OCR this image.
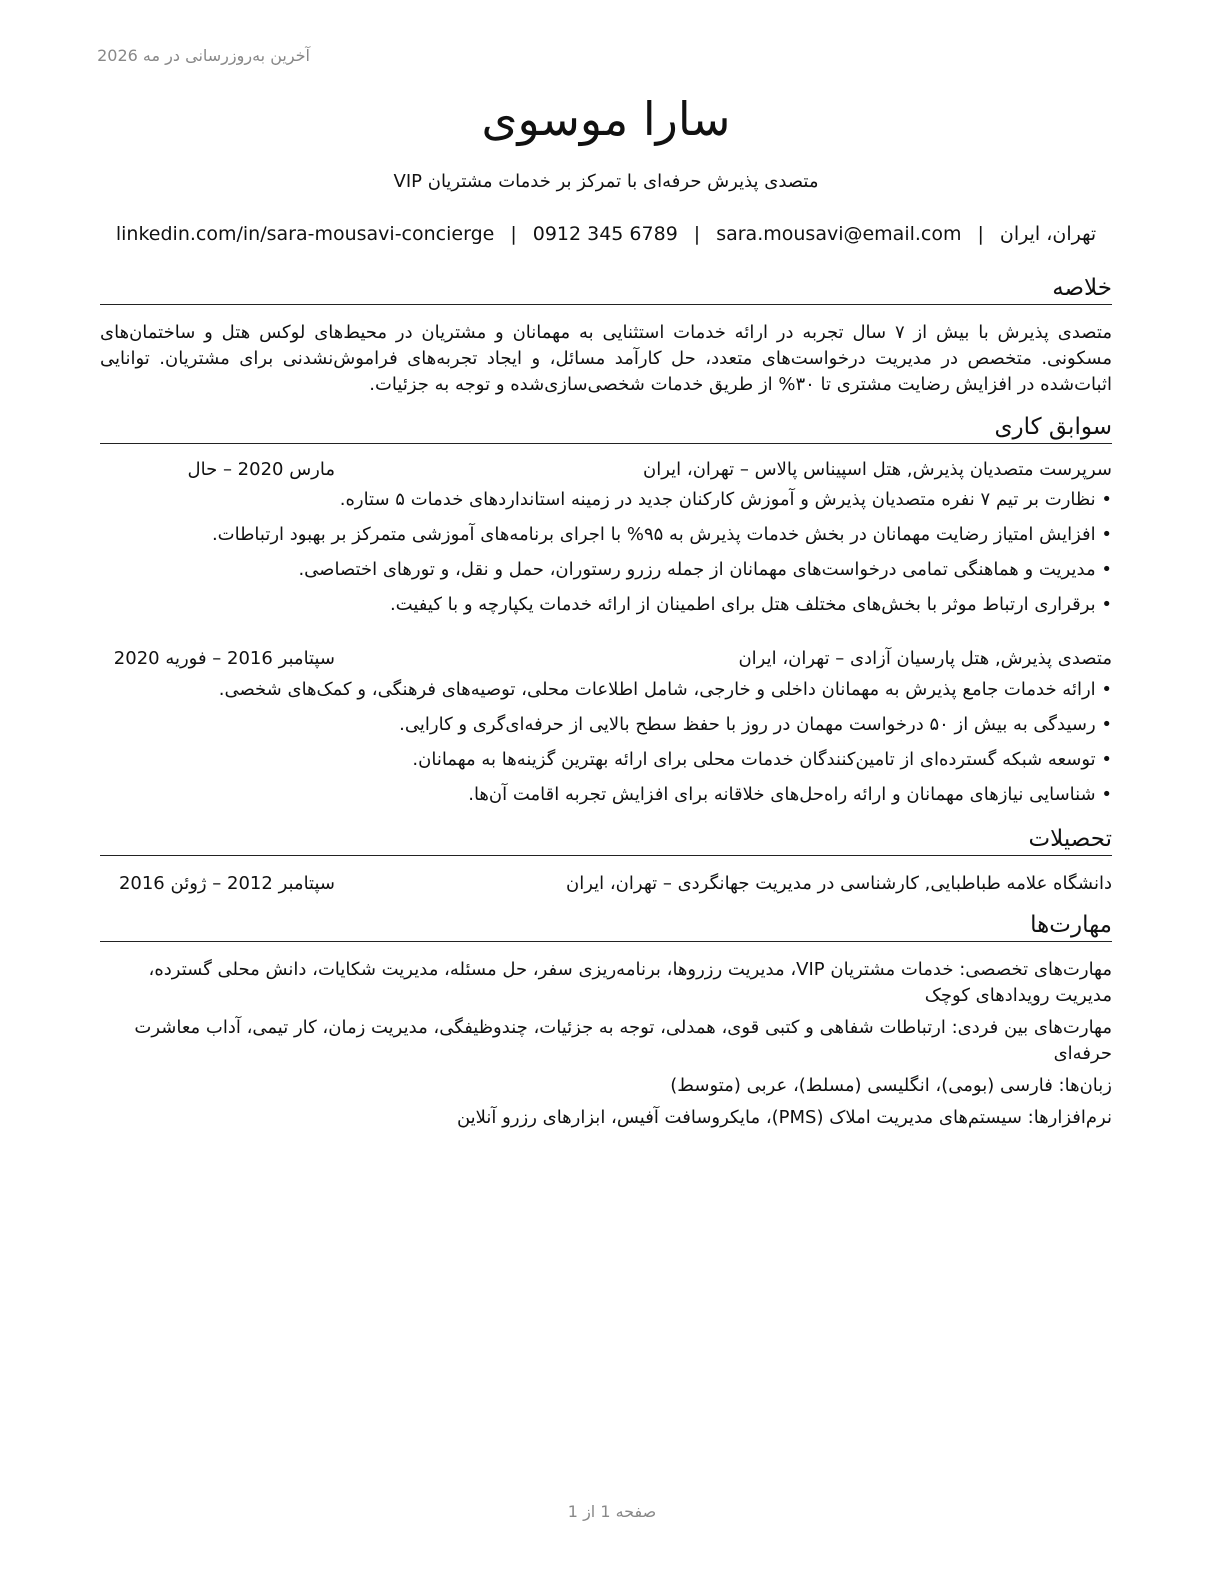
آخرین به‌روزرسانی در مه 2026
سارا موسوی
متصدی پذیرش حرفه‌ای با تمرکز بر خدمات مشتریان VIP
تهران، ایران|sara.mousavi@email.com|0912 345 6789|linkedin.com/in/sara-mousavi-concierge
خلاصه
متصدی پذیرش با بیش از ۷ سال تجربه در ارائه خدمات استثنایی به مهمانان و مشتریان در محیط‌های لوکس هتل و ساختمان‌های مسکونی. متخصص در مدیریت درخواست‌های متعدد، حل کارآمد مسائل، و ایجاد تجربه‌های فراموش‌نشدنی برای مشتریان. توانایی اثبات‌شده در افزایش رضایت مشتری تا ۳۰% از طریق خدمات شخصی‌سازی‌شده و توجه به جزئیات.
سوابق کاری
سرپرست متصدیان پذیرش, هتل اسپیناس پالاس – تهران، ایران
مارس 2020 – حال
• نظارت بر تیم ۷ نفره متصدیان پذیرش و آموزش کارکنان جدید در زمینه استانداردهای خدمات ۵ ستاره.
• افزایش امتیاز رضایت مهمانان در بخش خدمات پذیرش به ۹۵% با اجرای برنامه‌های آموزشی متمرکز بر بهبود ارتباطات.
• مدیریت و هماهنگی تمامی درخواست‌های مهمانان از جمله رزرو رستوران، حمل و نقل، و تورهای اختصاصی.
• برقراری ارتباط موثر با بخش‌های مختلف هتل برای اطمینان از ارائه خدمات یکپارچه و با کیفیت.
متصدی پذیرش, هتل پارسیان آزادی – تهران، ایران
سپتامبر 2016 – فوریه 2020
• ارائه خدمات جامع پذیرش به مهمانان داخلی و خارجی، شامل اطلاعات محلی، توصیه‌های فرهنگی، و کمک‌های شخصی.
• رسیدگی به بیش از ۵۰ درخواست مهمان در روز با حفظ سطح بالایی از حرفه‌ای‌گری و کارایی.
• توسعه شبکه گسترده‌ای از تامین‌کنندگان خدمات محلی برای ارائه بهترین گزینه‌ها به مهمانان.
• شناسایی نیازهای مهمانان و ارائه راه‌حل‌های خلاقانه برای افزایش تجربه اقامت آن‌ها.
تحصیلات
دانشگاه علامه طباطبایی, کارشناسی در مدیریت جهانگردی – تهران، ایران
سپتامبر 2012 – ژوئن 2016
مهارت‌ها
مهارت‌های تخصصی: خدمات مشتریان VIP، مدیریت رزروها، برنامه‌ریزی سفر، حل مسئله، مدیریت شکایات، دانش محلی گسترده، مدیریت رویدادهای کوچک
مهارت‌های بین فردی: ارتباطات شفاهی و کتبی قوی، همدلی، توجه به جزئیات، چندوظیفگی، مدیریت زمان، کار تیمی، آداب معاشرت حرفه‌ای
زبان‌ها: فارسی (بومی)، انگلیسی (مسلط)، عربی (متوسط)
نرم‌افزارها: سیستم‌های مدیریت املاک (PMS)، مایکروسافت آفیس، ابزارهای رزرو آنلاین
صفحه 1 از 1
